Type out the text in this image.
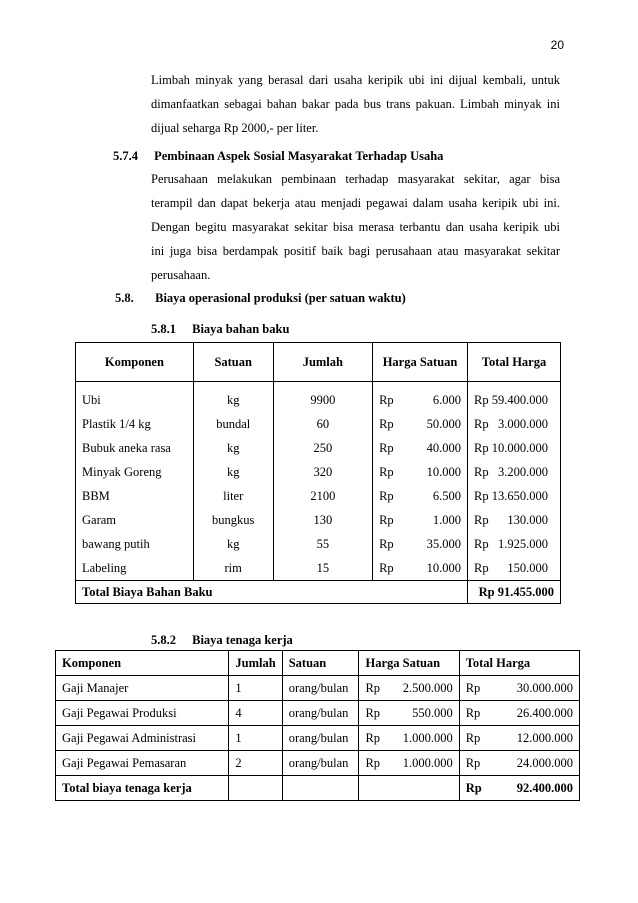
20
Limbah minyak yang berasal dari usaha keripik ubi ini dijual kembali, untuk
dimanfaatkan sebagai bahan bakar pada bus trans pakuan. Limbah minyak ini
dijual seharga Rp 2000,- per liter.
5.7.4 Pembinaan Aspek Sosial Masyarakat Terhadap Usaha
Perusahaan melakukan pembinaan terhadap masyarakat sekitar, agar bisa
terampil dan dapat bekerja atau menjadi pegawai dalam usaha keripik ubi ini.
Dengan begitu masyarakat sekitar bisa merasa terbantu dan usaha keripik ubi
ini juga bisa berdampak positif baik bagi perusahaan atau masyarakat sekitar
perusahaan.
5.8. Biaya operasional produksi (per satuan waktu)
5.8.1 Biaya bahan baku
Komponen	Satuan	Jumlah	Harga Satuan		Total Harga

Ubi	kg	9900	Rp	6.000	Rp 59.400.000
Plastik 1/4 kg	bundal	60	Rp	50.000	Rp   3.000.000
Bubuk aneka rasa	kg	250	Rp	40.000	Rp 10.000.000
Minyak Goreng	kg	320	Rp	10.000	Rp   3.200.000
BBM	liter	2100	Rp	6.500	Rp 13.650.000
Garam	bungkus	130	Rp	1.000	Rp      130.000
bawang putih	kg	55	Rp	35.000	Rp   1.925.000
Labeling	rim	15	Rp	10.000	Rp      150.000
Total Biaya Bahan Baku					Rp 91.455.000
5.8.2 Biaya tenaga kerja
Komponen	Jumlah	Satuan	Harga Satuan		Total Harga	
Gaji Manajer	1	orang/bulan	Rp	2.500.000	Rp	30.000.000
Gaji Pegawai Produksi	4	orang/bulan	Rp	550.000	Rp	26.400.000
Gaji Pegawai Administrasi	1	orang/bulan	Rp	1.000.000	Rp	12.000.000
Gaji Pegawai Pemasaran	2	orang/bulan	Rp	1.000.000	Rp	24.000.000
Total biaya tenaga kerja					Rp	92.400.000
